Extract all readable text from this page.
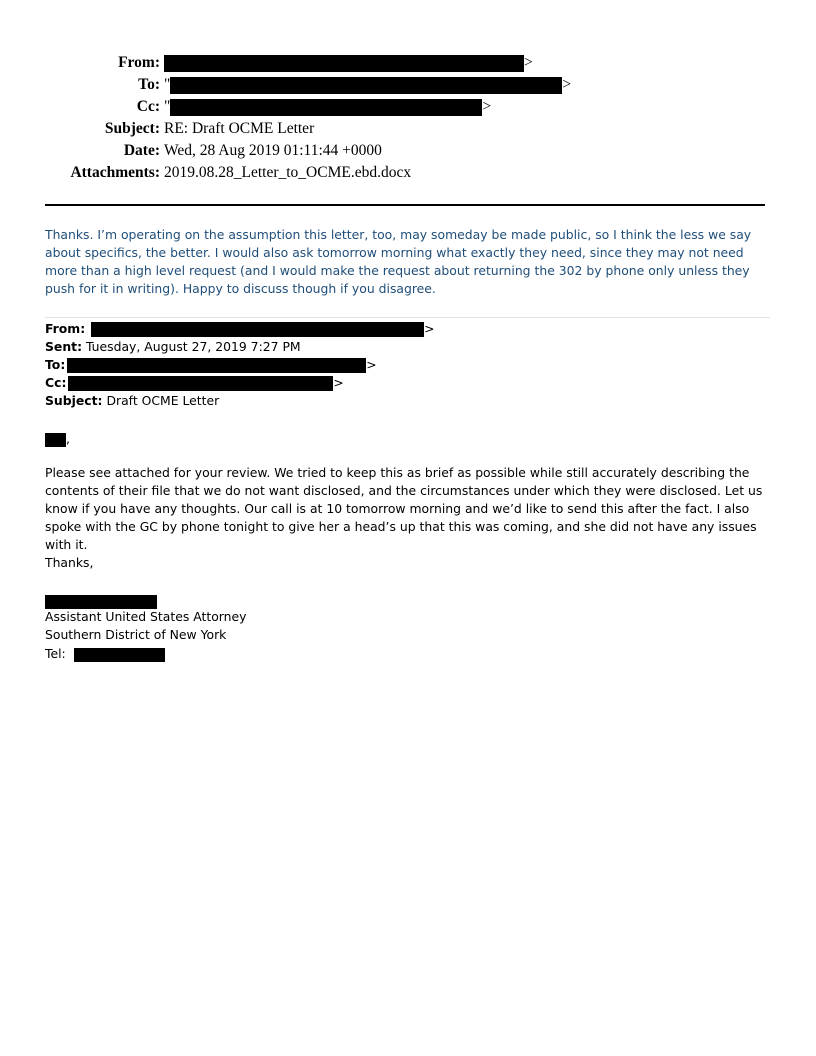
From:	>
To: "	>
Cc: "	>
Subject: RE: Draft OCME Letter
Date: Wed, 28 Aug 2019 01:11:44 +0000
Attachments: 2019.08.28_Letter_to_OCME.ebd.docx

Thanks. I’m operating on the assumption this letter, too, may someday be made public, so I think the less we say about specifics, the better. I would also ask tomorrow morning what exactly they need, since they may not need more than a high level request (and I would make the request about returning the 302 by phone only unless they push for it in writing). Happy to discuss though if you disagree.

From:	>
Sent: Tuesday, August 27, 2019 7:27 PM
To:	>
Cc:	>
Subject: Draft OCME Letter
,

Please see attached for your review. We tried to keep this as brief as possible while still accurately describing the contents of their file that we do not want disclosed, and the circumstances under which they were disclosed. Let us know if you have any thoughts. Our call is at 10 tomorrow morning and we’d like to send this after the fact. I also spoke with the GC by phone tonight to give her a head’s up that this was coming, and she did not have any issues with it.

Thanks,
Assistant United States Attorney
Southern District of New York
Tel:
